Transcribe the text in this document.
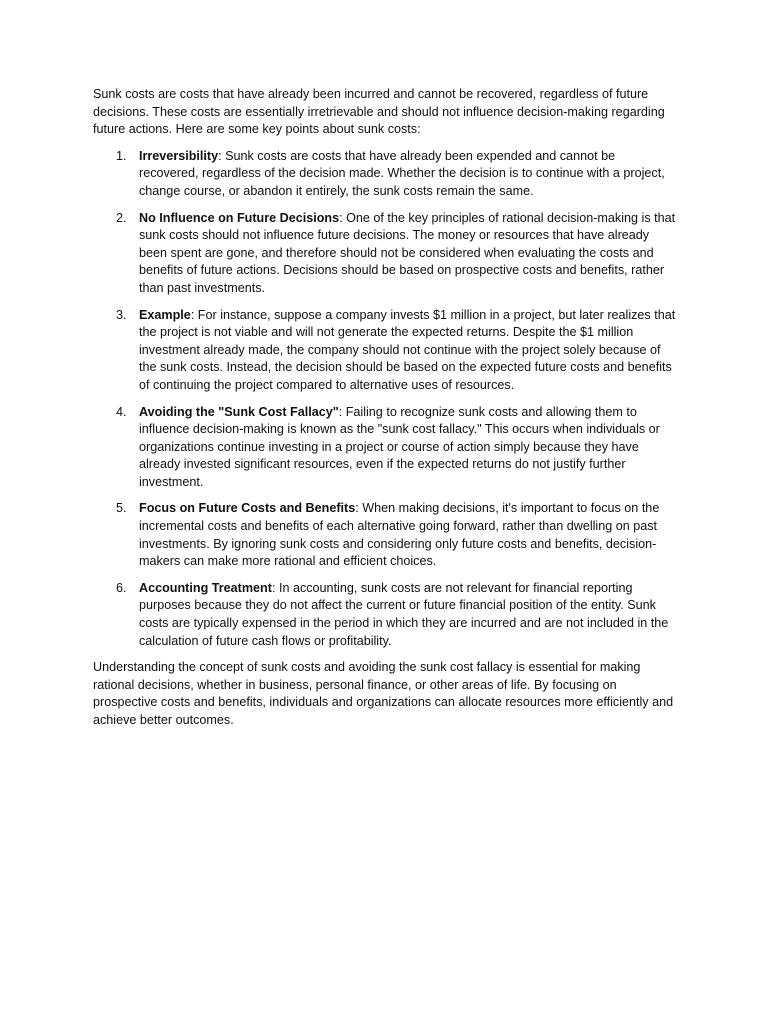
Sunk costs are costs that have already been incurred and cannot be recovered, regardless of future decisions. These costs are essentially irretrievable and should not influence decision-making regarding future actions. Here are some key points about sunk costs:

1. Irreversibility: Sunk costs are costs that have already been expended and cannot be recovered, regardless of the decision made. Whether the decision is to continue with a project, change course, or abandon it entirely, the sunk costs remain the same.
2. No Influence on Future Decisions: One of the key principles of rational decision-making is that sunk costs should not influence future decisions. The money or resources that have already been spent are gone, and therefore should not be considered when evaluating the costs and benefits of future actions. Decisions should be based on prospective costs and benefits, rather than past investments.
3. Example: For instance, suppose a company invests $1 million in a project, but later realizes that the project is not viable and will not generate the expected returns. Despite the $1 million investment already made, the company should not continue with the project solely because of the sunk costs. Instead, the decision should be based on the expected future costs and benefits of continuing the project compared to alternative uses of resources.
4. Avoiding the "Sunk Cost Fallacy": Failing to recognize sunk costs and allowing them to influence decision-making is known as the "sunk cost fallacy." This occurs when individuals or organizations continue investing in a project or course of action simply because they have already invested significant resources, even if the expected returns do not justify further investment.
5. Focus on Future Costs and Benefits: When making decisions, it's important to focus on the incremental costs and benefits of each alternative going forward, rather than dwelling on past investments. By ignoring sunk costs and considering only future costs and benefits, decision-makers can make more rational and efficient choices.
6. Accounting Treatment: In accounting, sunk costs are not relevant for financial reporting purposes because they do not affect the current or future financial position of the entity. Sunk costs are typically expensed in the period in which they are incurred and are not included in the calculation of future cash flows or profitability.

Understanding the concept of sunk costs and avoiding the sunk cost fallacy is essential for making rational decisions, whether in business, personal finance, or other areas of life. By focusing on prospective costs and benefits, individuals and organizations can allocate resources more efficiently and achieve better outcomes.
